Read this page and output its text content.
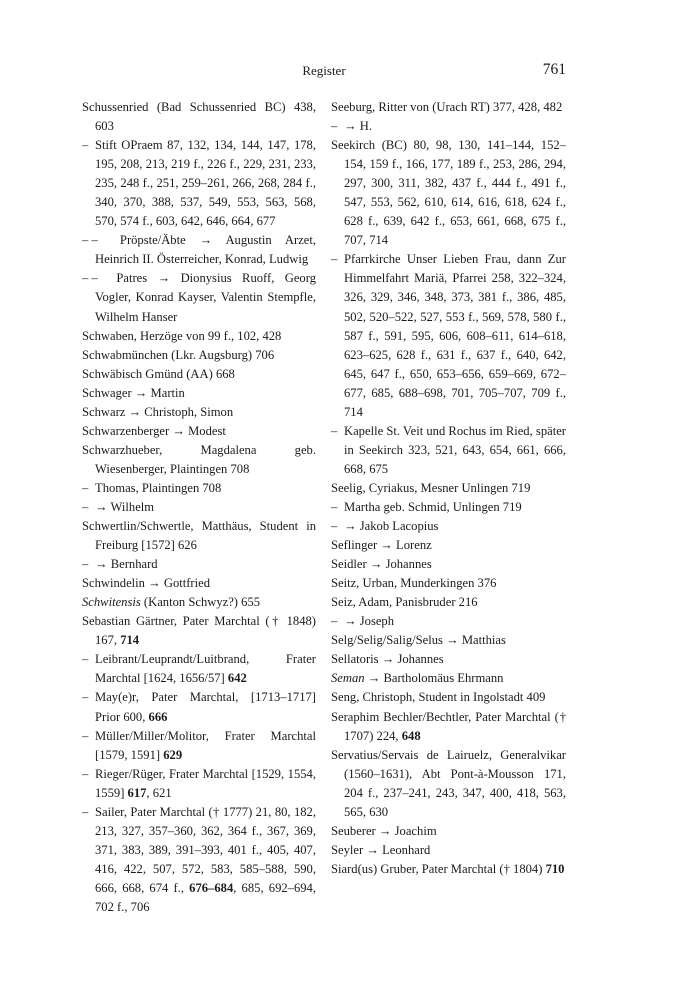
Register	761
Schussenried (Bad Schussenried BC) 438, 603
– Stift OPraem 87, 132, 134, 144, 147, 178, 195, 208, 213, 219 f., 226 f., 229, 231, 233, 235, 248 f., 251, 259–261, 266, 268, 284 f., 340, 370, 388, 537, 549, 553, 563, 568, 570, 574 f., 603, 642, 646, 664, 677
– – Pröpste/Äbte → Augustin Arzet, Heinrich II. Österreicher, Konrad, Ludwig
– – Patres → Dionysius Ruoff, Georg Vogler, Konrad Kayser, Valentin Stempfle, Wilhelm Hanser
Schwaben, Herzöge von 99 f., 102, 428
Schwabmünchen (Lkr. Augsburg) 706
Schwäbisch Gmünd (AA) 668
Schwager → Martin
Schwarz → Christoph, Simon
Schwarzenberger → Modest
Schwarzhueber, Magdalena geb. Wiesenberger, Plaintingen 708
– Thomas, Plaintingen 708
– → Wilhelm
Schwertlin/Schwertle, Matthäus, Student in Freiburg [1572] 626
– → Bernhard
Schwindelin → Gottfried
Schwitensis (Kanton Schwyz?) 655
Sebastian Gärtner, Pater Marchtal († 1848) 167, 714
– Leibrant/Leuprandt/Luitbrand, Frater Marchtal [1624, 1656/57] 642
– May(e)r, Pater Marchtal, [1713–1717] Prior 600, 666
– Müller/Miller/Molitor, Frater Marchtal [1579, 1591] 629
– Rieger/Rüger, Frater Marchtal [1529, 1554, 1559] 617, 621
– Sailer, Pater Marchtal († 1777) 21, 80, 182, 213, 327, 357–360, 362, 364 f., 367, 369, 371, 383, 389, 391–393, 401 f., 405, 407, 416, 422, 507, 572, 583, 585–588, 590, 666, 668, 674 f., 676–684, 685, 692–694, 702 f., 706
Seeburg, Ritter von (Urach RT) 377, 428, 482
– → H.
Seekirch (BC) 80, 98, 130, 141–144, 152–154, 159 f., 166, 177, 189 f., 253, 286, 294, 297, 300, 311, 382, 437 f., 444 f., 491 f., 547, 553, 562, 610, 614, 616, 618, 624 f., 628 f., 639, 642 f., 653, 661, 668, 675 f., 707, 714
– Pfarrkirche Unser Lieben Frau, dann Zur Himmelfahrt Mariä, Pfarrei 258, 322–324, 326, 329, 346, 348, 373, 381 f., 386, 485, 502, 520–522, 527, 553 f., 569, 578, 580 f., 587 f., 591, 595, 606, 608–611, 614–618, 623–625, 628 f., 631 f., 637 f., 640, 642, 645, 647 f., 650, 653–656, 659–669, 672–677, 685, 688–698, 701, 705–707, 709 f., 714
– Kapelle St. Veit und Rochus im Ried, später in Seekirch 323, 521, 643, 654, 661, 666, 668, 675
Seelig, Cyriakus, Mesner Unlingen 719
– Martha geb. Schmid, Unlingen 719
– → Jakob Lacopius
Seflinger → Lorenz
Seidler → Johannes
Seitz, Urban, Munderkingen 376
Seiz, Adam, Panisbruder 216
– → Joseph
Selg/Selig/Salig/Selus → Matthias
Sellatoris → Johannes
Seman → Bartholomäus Ehrmann
Seng, Christoph, Student in Ingolstadt 409
Seraphim Bechler/Bechtler, Pater Marchtal († 1707) 224, 648
Servatius/Servais de Lairuelz, Generalvikar (1560–1631), Abt Pont-à-Mousson 171, 204 f., 237–241, 243, 347, 400, 418, 563, 565, 630
Seuberer → Joachim
Seyler → Leonhard
Siard(us) Gruber, Pater Marchtal († 1804) 710
